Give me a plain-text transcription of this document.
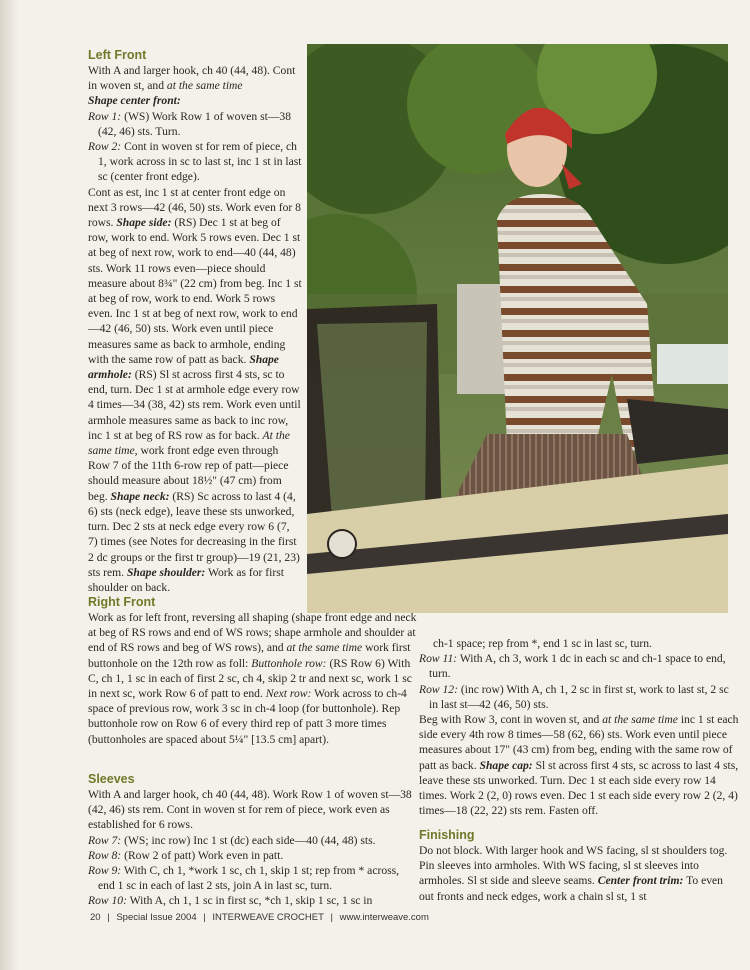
Left Front

With A and larger hook, ch 40 (44, 48). Cont in woven st, and at the same time
Shape center front:

Row 1: (WS) Work Row 1 of woven st—38 (42, 46) sts. Turn.

Row 2: Cont in woven st for rem of piece, ch 1, work across in sc to last st, inc 1 st in last sc (center front edge).

Cont as est, inc 1 st at center front edge on next 3 rows—42 (46, 50) sts. Work even for 8 rows. Shape side: (RS) Dec 1 st at beg of row, work to end. Work 5 rows even. Dec 1 st at beg of next row, work to end—40 (44, 48) sts. Work 11 rows even—piece should measure about 8¾" (22 cm) from beg. Inc 1 st at beg of row, work to end. Work 5 rows even. Inc 1 st at beg of next row, work to end—42 (46, 50) sts. Work even until piece measures same as back to armhole, ending with the same row of patt as back. Shape armhole: (RS) Sl st across first 4 sts, sc to end, turn. Dec 1 st at armhole edge every row 4 times—34 (38, 42) sts rem. Work even until armhole measures same as back to inc row, inc 1 st at beg of RS row as for back. At the same time, work front edge even through Row 7 of the 11th 6-row rep of patt—piece should measure about 18½" (47 cm) from beg. Shape neck: (RS) Sc across to last 4 (4, 6) sts (neck edge), leave these sts unworked, turn. Dec 2 sts at neck edge every row 6 (7, 7) times (see Notes for decreasing in the first 2 dc groups or the first tr group)—19 (21, 23) sts rem. Shape shoulder: Work as for first shoulder on back.

Right Front

Work as for left front, reversing all shaping (shape front edge and neck at beg of RS rows and end of WS rows; shape armhole and shoulder at end of RS rows and beg of WS rows), and at the same time work first buttonhole on the 12th row as foll: Buttonhole row: (RS Row 6) With C, ch 1, 1 sc in each of first 2 sc, ch 4, skip 2 tr and next sc, work 1 sc in next sc, work Row 6 of patt to end. Next row: Work across to ch-4 space of previous row, work 3 sc in ch-4 loop (for buttonhole). Rep buttonhole row on Row 6 of every third rep of patt 3 more times (buttonholes are spaced about 5¼" [13.5 cm] apart).

Sleeves

With A and larger hook, ch 40 (44, 48). Work Row 1 of woven st—38 (42, 46) sts rem. Cont in woven st for rem of piece, work even as established for 6 rows.

Row 7: (WS; inc row) Inc 1 st (dc) each side—40 (44, 48) sts.

Row 8: (Row 2 of patt) Work even in patt.

Row 9: With C, ch 1, *work 1 sc, ch 1, skip 1 st; rep from * across, end 1 sc in each of last 2 sts, join A in last sc, turn.

Row 10: With A, ch 1, 1 sc in first sc, *ch 1, skip 1 sc, 1 sc in

ch-1 space; rep from *, end 1 sc in last sc, turn.

Row 11: With A, ch 3, work 1 dc in each sc and ch-1 space to end, turn.

Row 12: (inc row) With A, ch 1, 2 sc in first st, work to last st, 2 sc in last st—42 (46, 50) sts.

Beg with Row 3, cont in woven st, and at the same time inc 1 st each side every 4th row 8 times—58 (62, 66) sts. Work even until piece measures about 17" (43 cm) from beg, ending with the same row of patt as back. Shape cap: Sl st across first 4 sts, sc across to last 4 sts, leave these sts unworked. Turn. Dec 1 st each side every row 14 times. Work 2 (2, 0) rows even. Dec 1 st each side every row 2 (2, 4) times—18 (22, 22) sts rem. Fasten off.

Finishing

Do not block. With larger hook and WS facing, sl st shoulders tog. Pin sleeves into armholes. With WS facing, sl st sleeves into armholes. Sl st side and sleeve seams. Center front trim: To even out fronts and neck edges, work a chain sl st, 1 st

20 | Special Issue 2004 | INTERWEAVE CROCHET | www.interweave.com
